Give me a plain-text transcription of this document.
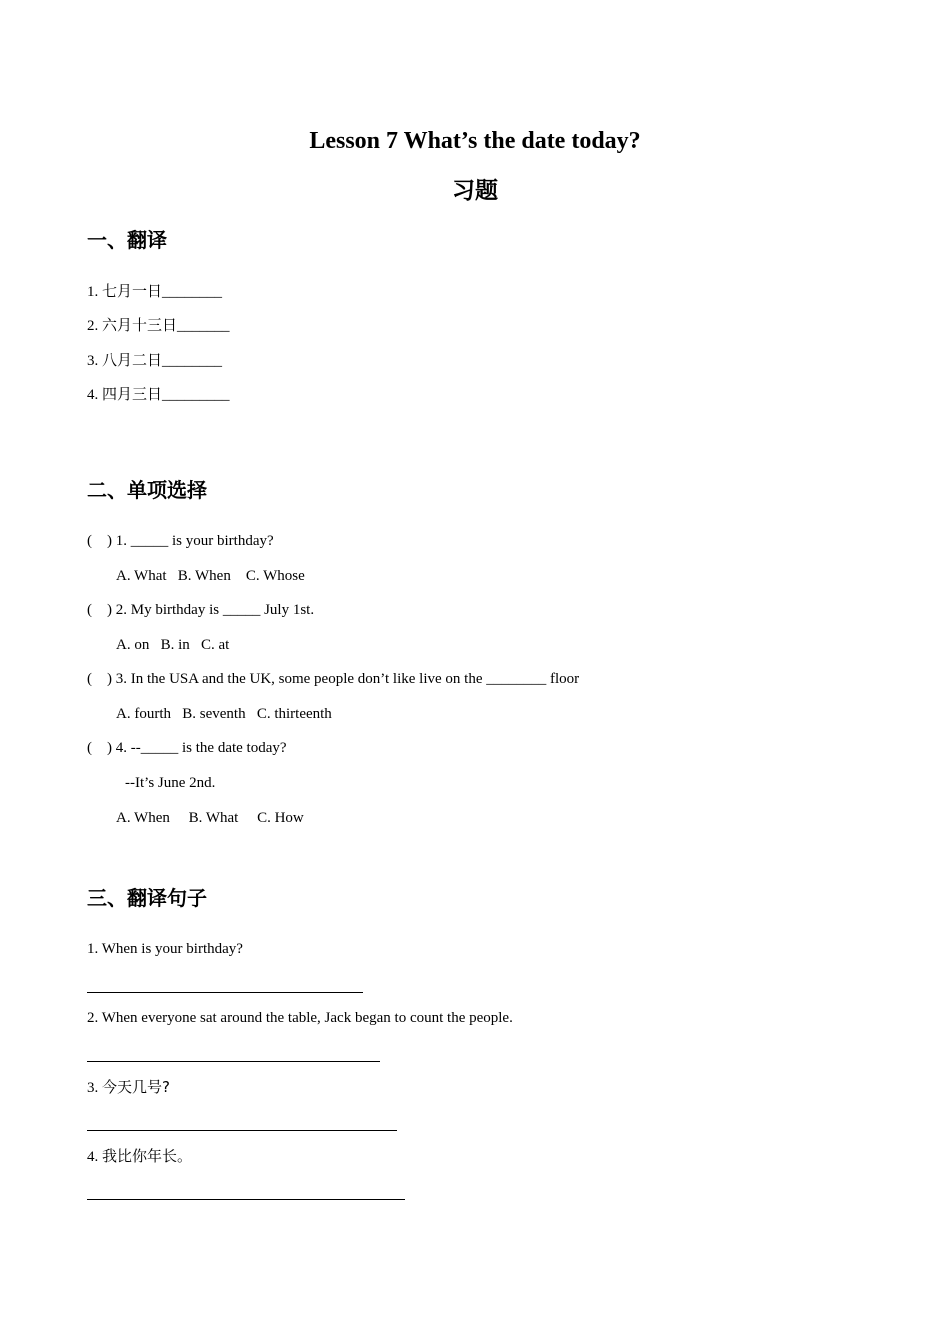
Lesson 7 What’s the date today?
习题
一、翻译
1. 七月一日________
2. 六月十三日_______
3. 八月二日________
4. 四月三日_________
二、单项选择
(    ) 1. _____ is your birthday?
A. What   B. When    C. Whose
(    ) 2. My birthday is _____ July 1st.
A. on   B. in   C. at
(    ) 3. In the USA and the UK, some people don’t like live on the ________ floor
A. fourth   B. seventh   C. thirteenth
(    ) 4. --_____ is the date today?
--It’s June 2nd.
A. When     B. What     C. How
三、翻译句子
1. When is your birthday?
2. When everyone sat around the table, Jack began to count the people.
3. 今天几号?
4. 我比你年长。
